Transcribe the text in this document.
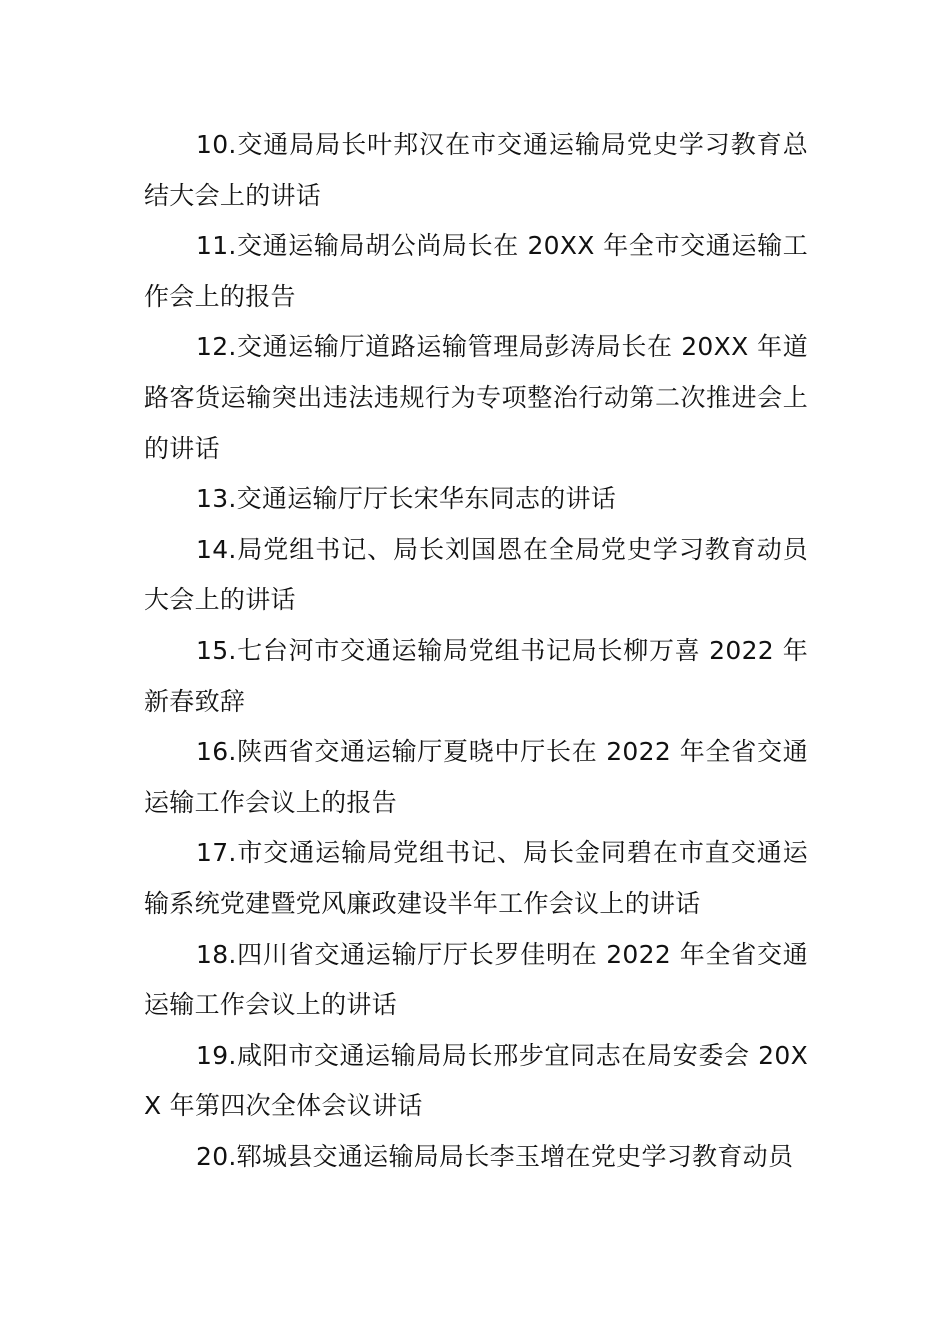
10.交通局局长叶邦汉在市交通运输局党史学习教育总结大会上的讲话

11.交通运输局胡公尚局长在 20XX 年全市交通运输工作会上的报告

12.交通运输厅道路运输管理局彭涛局长在 20XX 年道路客货运输突出违法违规行为专项整治行动第二次推进会上的讲话

13.交通运输厅厅长宋华东同志的讲话

14.局党组书记、局长刘国恩在全局党史学习教育动员大会上的讲话

15.七台河市交通运输局党组书记局长柳万喜 2022 年新春致辞

16.陕西省交通运输厅夏晓中厅长在 2022 年全省交通运输工作会议上的报告

17.市交通运输局党组书记、局长金同碧在市直交通运输系统党建暨党风廉政建设半年工作会议上的讲话

18.四川省交通运输厅厅长罗佳明在 2022 年全省交通运输工作会议上的讲话

19.咸阳市交通运输局局长邢步宜同志在局安委会 20XX 年第四次全体会议讲话

20.郓城县交通运输局局长李玉增在党史学习教育动员
